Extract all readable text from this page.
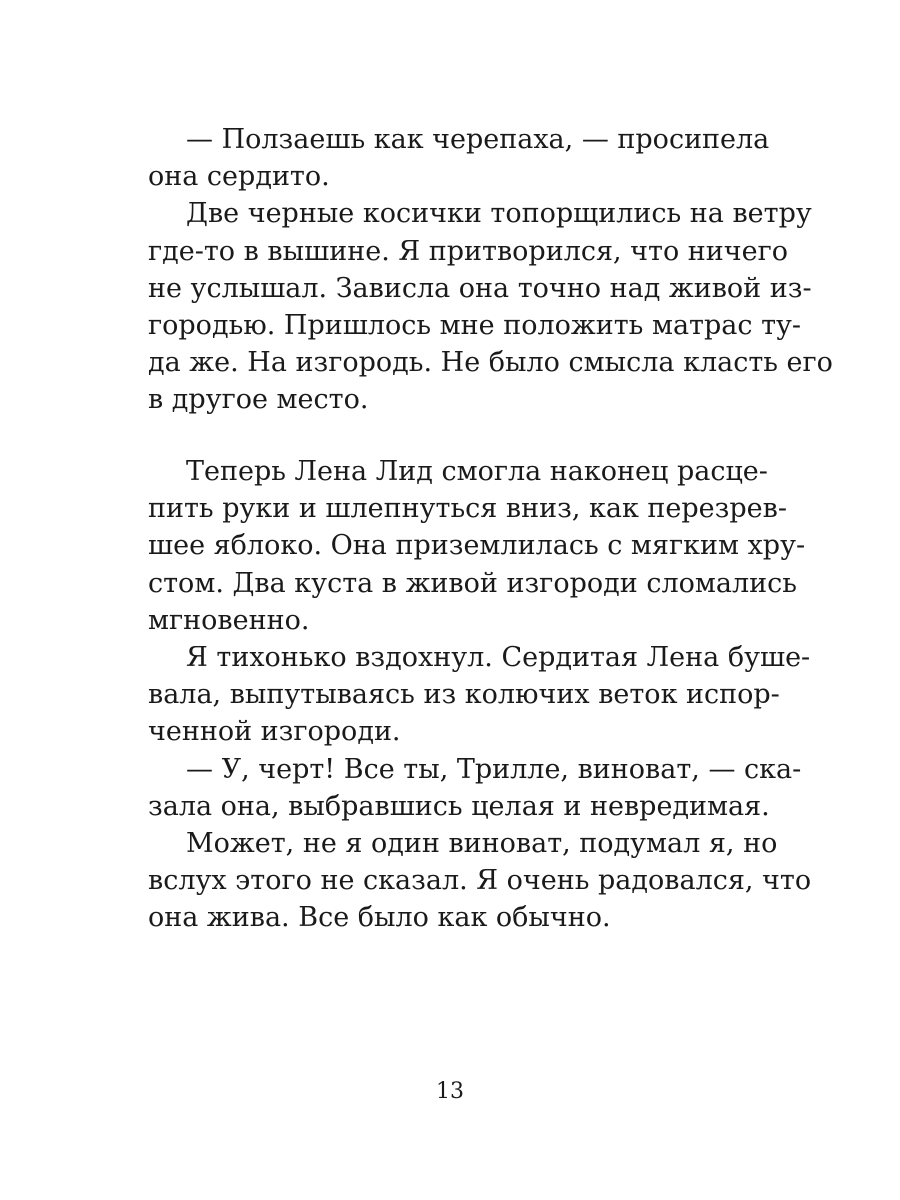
— Ползаешь как черепаха, — просипела
она сердито.
Две черные косички топорщились на ветру
где-то в вышине. Я притворился, что ничего
не услышал. Зависла она точно над живой из-
городью. Пришлось мне положить матрас ту-
да же. На изгородь. Не было смысла класть его
в другое место.
Теперь Лена Лид смогла наконец расце-
пить руки и шлепнуться вниз, как перезрев-
шее яблоко. Она приземлилась с мягким хру-
стом. Два куста в живой изгороди сломались
мгновенно.
Я тихонько вздохнул. Сердитая Лена буше-
вала, выпутываясь из колючих веток испор-
ченной изгороди.
— У, черт! Все ты, Трилле, виноват, — ска-
зала она, выбравшись целая и невредимая.
Может, не я один виноват, подумал я, но
вслух этого не сказал. Я очень радовался, что
она жива. Все было как обычно.
13
